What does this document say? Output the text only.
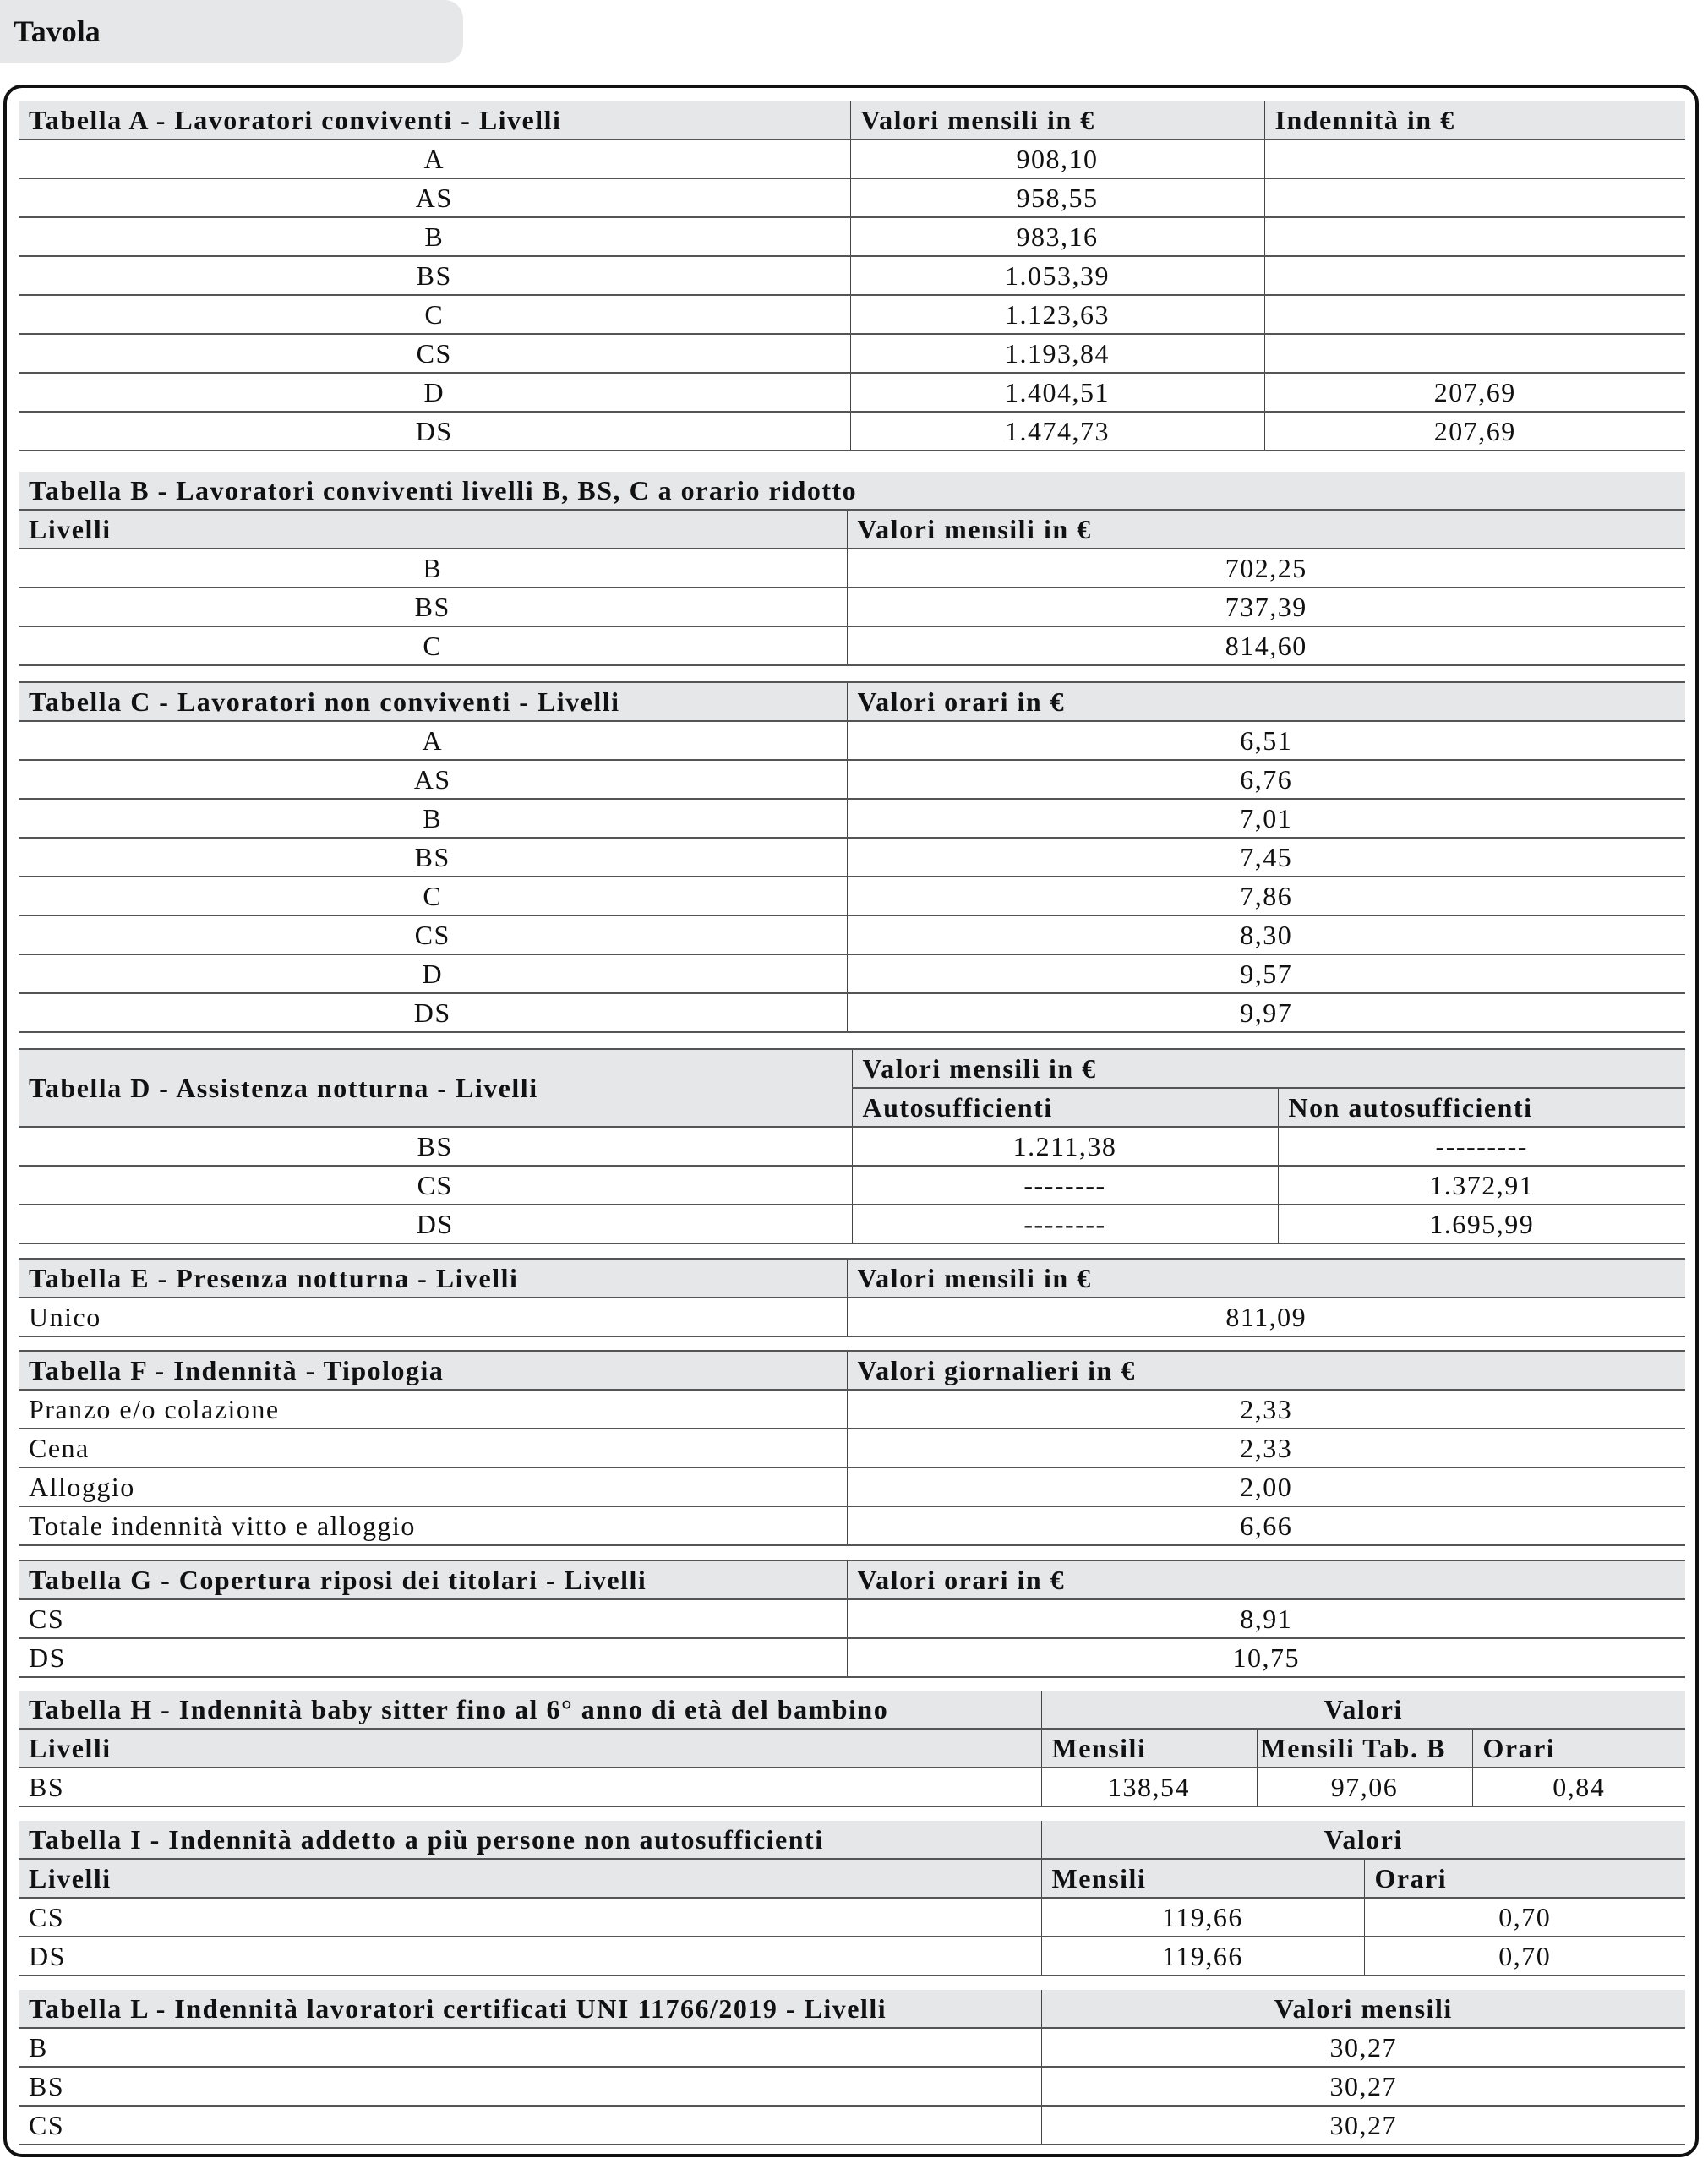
Tavola
Tabella A - Lavoratori conviventi - Livelli	Valori mensili in €	Indennità in €
A	908,10	
AS	958,55	
B	983,16	
BS	1.053,39	
C	1.123,63	
CS	1.193,84	
D	1.404,51	207,69
DS	1.474,73	207,69
Tabella B - Lavoratori conviventi livelli B, BS, C a orario ridotto	
Livelli	Valori mensili in €
B	702,25
BS	737,39
C	814,60
Tabella C - Lavoratori non conviventi - Livelli	Valori orari in €
A	6,51
AS	6,76
B	7,01
BS	7,45
C	7,86
CS	8,30
D	9,57
DS	9,97
Tabella D - Assistenza notturna - Livelli	Valori mensili in €	
	Autosufficienti	Non autosufficienti
BS	1.211,38	---------
CS	--------	1.372,91
DS	--------	1.695,99
Tabella E - Presenza notturna - Livelli	Valori mensili in €
Unico	811,09
Tabella F - Indennità - Tipologia	Valori giornalieri in €
Pranzo e/o colazione	2,33
Cena	2,33
Alloggio	2,00
Totale indennità vitto e alloggio	6,66
Tabella G - Copertura riposi dei titolari - Livelli	Valori orari in €
CS	8,91
DS	10,75
Tabella H - Indennità baby sitter fino al 6° anno di età del bambino	Valori		
Livelli	Mensili	Mensili Tab. B	Orari
BS	138,54	97,06	0,84
Tabella I - Indennità addetto a più persone non autosufficienti	Valori	
Livelli	Mensili	Orari
CS	119,66	0,70
DS	119,66	0,70
Tabella L - Indennità lavoratori certificati UNI 11766/2019 - Livelli	Valori mensili
B	30,27
BS	30,27
CS	30,27
